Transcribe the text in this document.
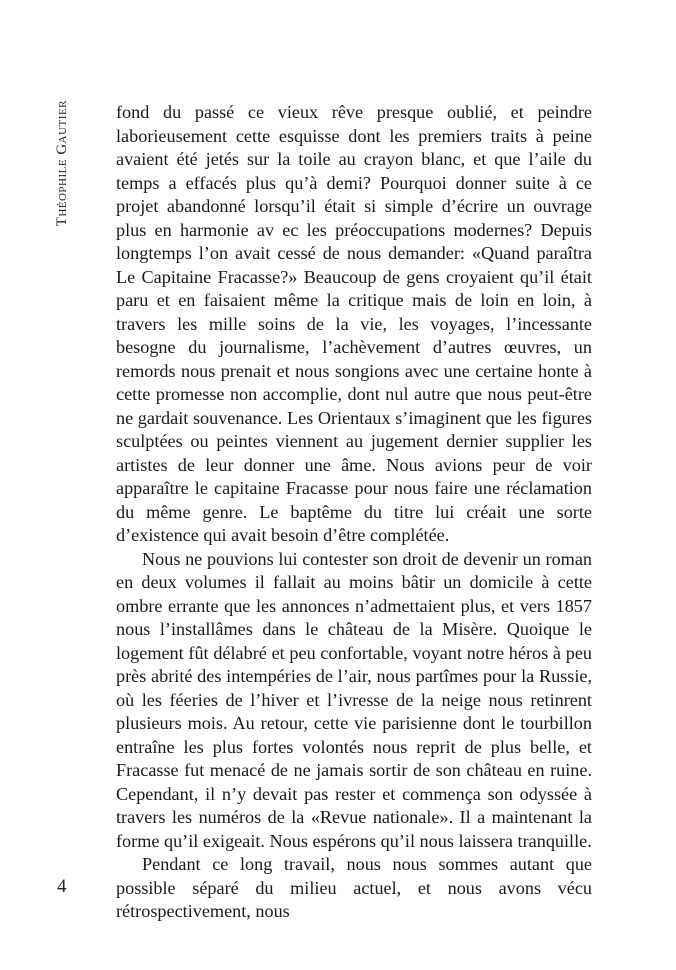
Théophile Gautier	fond du passé ce vieux rêve presque oublié, et peindre laborieusement cette esquisse dont les premiers traits à peine avaient été jetés sur la toile au crayon blanc, et que l’aile du temps a effacés plus qu’à demi? Pourquoi donner suite à ce projet abandonné lorsqu’il était si simple d’écrire un ouvrage plus en harmonie av ec les préoccupations modernes? Depuis longtemps l’on avait cessé de nous demander: «Quand paraîtra Le Capitaine Fracasse?» Beaucoup de gens croyaient qu’il était paru et en faisaient même la critique mais de loin en loin, à travers les mille soins de la vie, les voyages, l’incessante besogne du journalisme, l’achèvement d’autres œuvres, un remords nous prenait et nous songions avec une certaine honte à cette promesse non accomplie, dont nul autre que nous peut-être ne gardait souvenance. Les Orientaux s’imaginent que les figures sculptées ou peintes viennent au jugement dernier supplier les artistes de leur donner une âme. Nous avions peur de voir apparaître le capitaine Fracasse pour nous faire une réclamation du même genre. Le baptême du titre lui créait une sorte d’existence qui avait besoin d’être complétée.

Nous ne pouvions lui contester son droit de devenir un roman en deux volumes il fallait au moins bâtir un domicile à cette ombre errante que les annonces n’admettaient plus, et vers 1857 nous l’installâmes dans le château de la Misère. Quoique le logement fût délabré et peu confortable, voyant notre héros à peu près abrité des intempéries de l’air, nous partîmes pour la Russie, où les féeries de l’hiver et l’ivresse de la neige nous retinrent plusieurs mois. Au retour, cette vie parisienne dont le tourbillon entraîne les plus fortes volontés nous reprit de plus belle, et Fracasse fut menacé de ne jamais sortir de son château en ruine. Cependant, il n’y devait pas rester et commença son odyssée à travers les numéros de la «Revue nationale». Il a maintenant la forme qu’il exigeait. Nous espérons qu’il nous laissera tranquille.

Pendant ce long travail, nous nous sommes autant que possible séparé du milieu actuel, et nous avons vécu rétrospectivement, nous

4
